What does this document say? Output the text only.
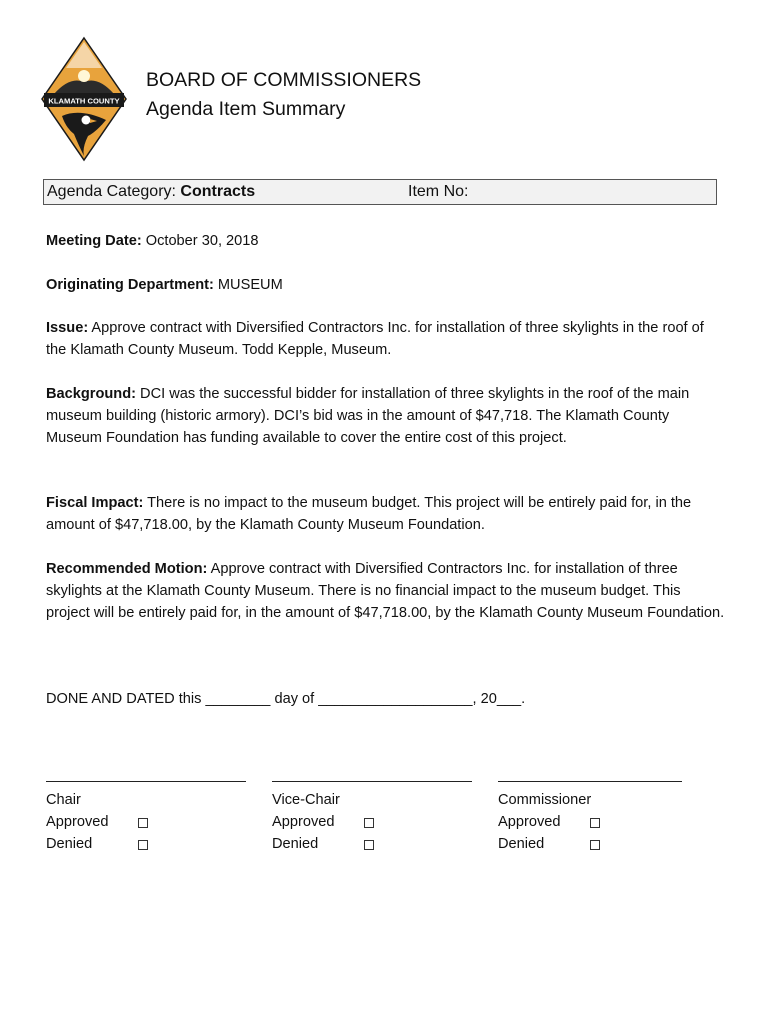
KLAMATH COUNTY
BOARD OF COMMISSIONERS
Agenda Item Summary
Agenda Category: Contracts	Item No:
Meeting Date: October 30, 2018
Originating Department: MUSEUM
Issue: Approve contract with Diversified Contractors Inc. for installation of three skylights in the roof of the Klamath County Museum. Todd Kepple, Museum.
Background: DCI was the successful bidder for installation of three skylights in the roof of the main museum building (historic armory). DCI’s bid was in the amount of $47,718. The Klamath County Museum Foundation has funding available to cover the entire cost of this project.
Fiscal Impact: There is no impact to the museum budget. This project will be entirely paid for, in the amount of $47,718.00, by the Klamath County Museum Foundation.
Recommended Motion: Approve contract with Diversified Contractors Inc. for installation of three skylights at the Klamath County Museum. There is no financial impact to the museum budget. This project will be entirely paid for, in the amount of $47,718.00, by the Klamath County Museum Foundation.
DONE AND DATED this ________ day of ___________________, 20___.
Chair
Approved
Denied
Vice-Chair
Approved
Denied
Commissioner
Approved
Denied
